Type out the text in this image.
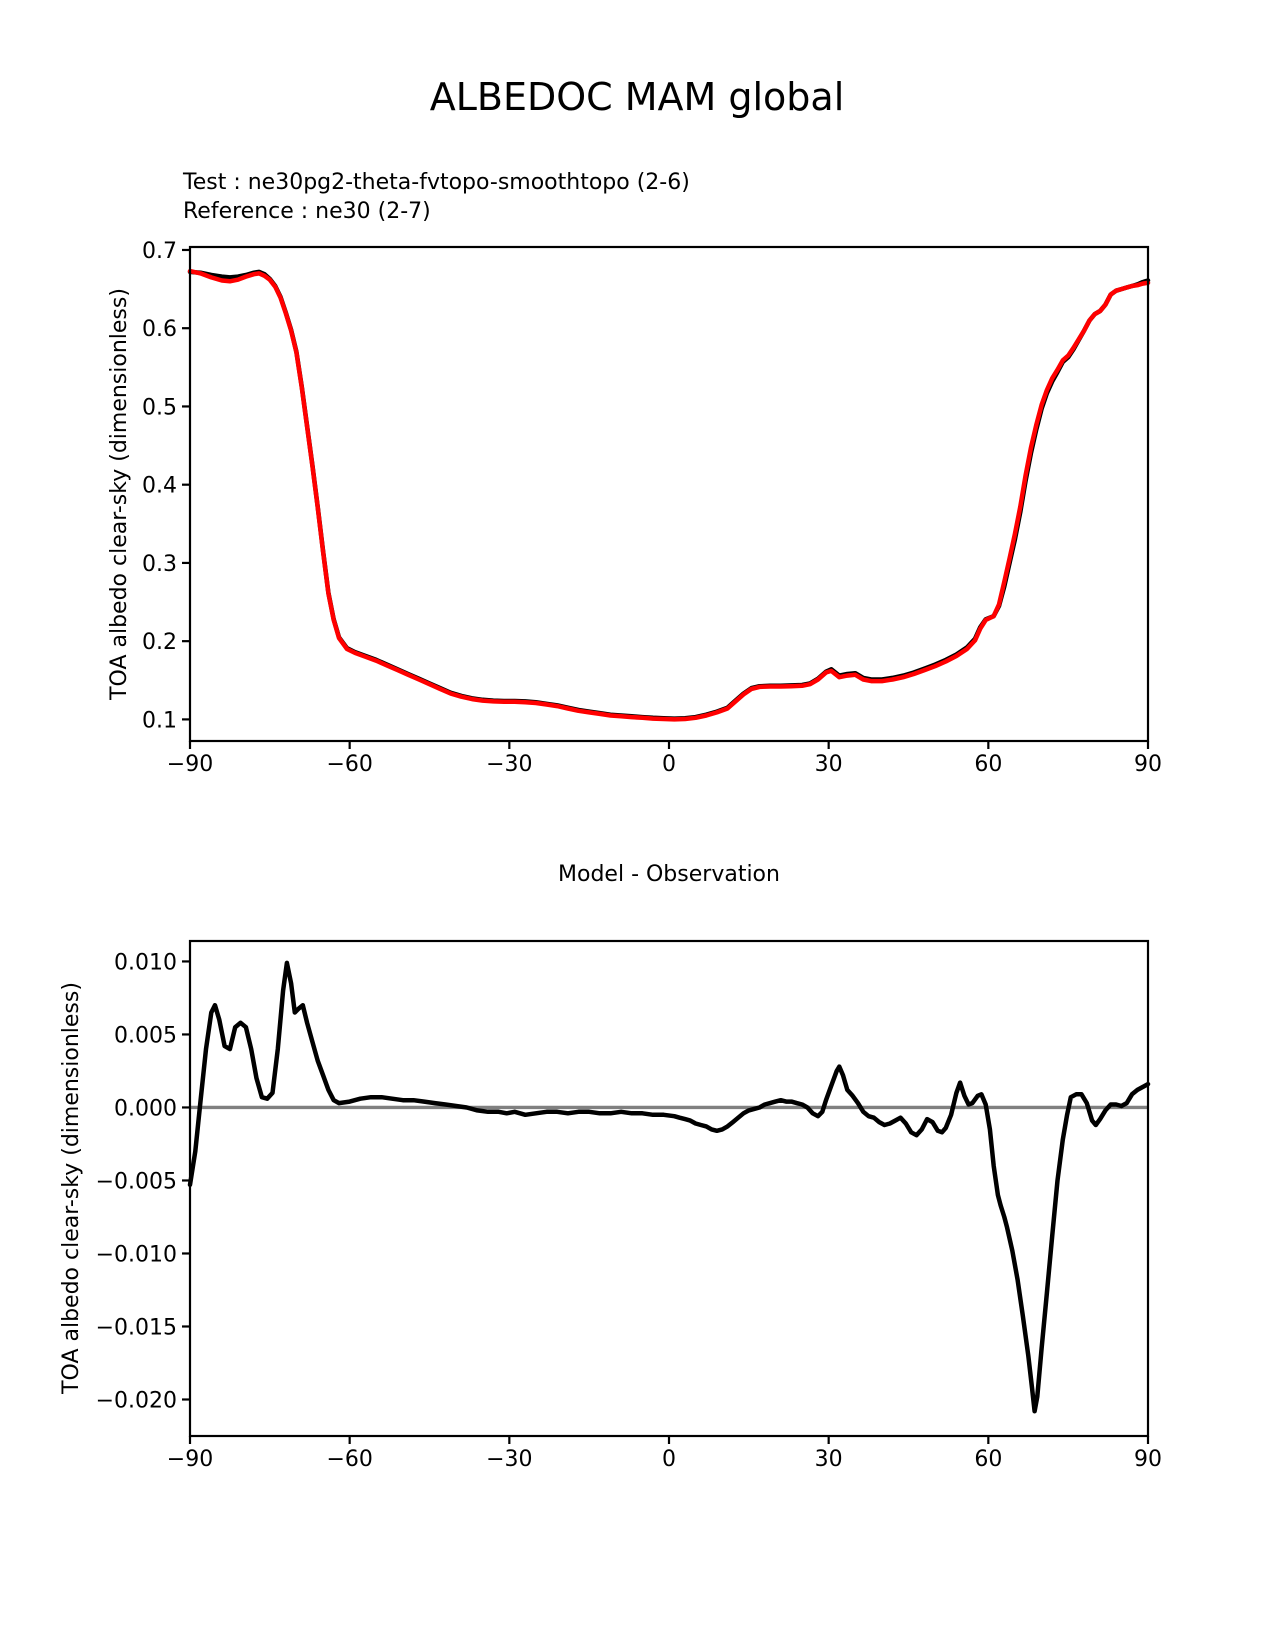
ALBEDOC MAM global
Test : ne30pg2-theta-fvtopo-smoothtopo (2-6)
Reference : ne30 (2-7)
TOA albedo clear-sky (dimensionless)
Model - Observation
TOA albedo clear-sky (dimensionless)
−90	−60	−30	0	30	60	90
0.1
0.2
0.3
0.4
0.5
0.6
0.7
−90	−60	−30	0	30	60	90
−0.020
−0.015
−0.010
−0.005
0.000
0.005
0.010
